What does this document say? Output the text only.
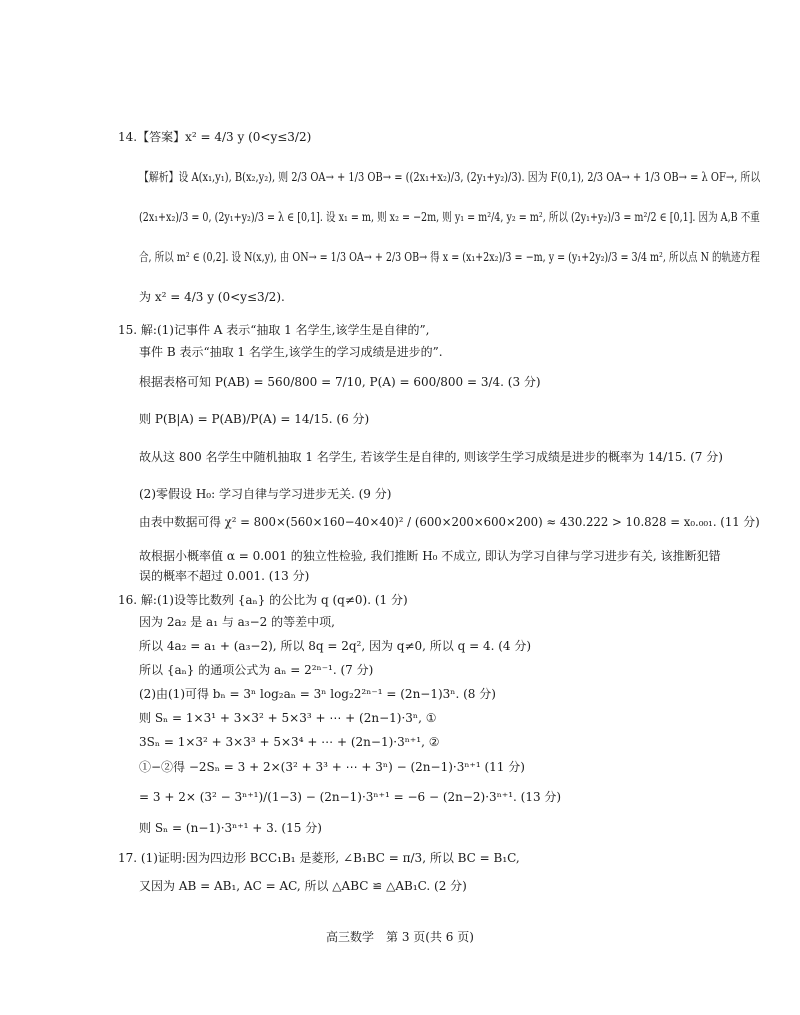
14.【答案】x² = 4/3 y (0<y≤3/2)
【解析】设 A(x₁,y₁), B(x₂,y₂), 则 2/3 OA→ + 1/3 OB→ = ((2x₁+x₂)/3, (2y₁+y₂)/3). 因为 F(0,1), 2/3 OA→ + 1/3 OB→ = λ OF→, 所以
(2x₁+x₂)/3 = 0, (2y₁+y₂)/3 = λ ∈ [0,1]. 设 x₁ = m, 则 x₂ = −2m, 则 y₁ = m²/4, y₂ = m², 所以 (2y₁+y₂)/3 = m²/2 ∈ [0,1]. 因为 A,B 不重
合, 所以 m² ∈ (0,2]. 设 N(x,y), 由 ON→ = 1/3 OA→ + 2/3 OB→ 得 x = (x₁+2x₂)/3 = −m, y = (y₁+2y₂)/3 = 3/4 m², 所以点 N 的轨迹方程
为 x² = 4/3 y (0<y≤3/2).
15. 解:(1)记事件 A 表示“抽取 1 名学生,该学生是自律的”,
事件 B 表示“抽取 1 名学生,该学生的学习成绩是进步的”.
根据表格可知 P(AB) = 560/800 = 7/10, P(A) = 600/800 = 3/4. (3 分)
则 P(B|A) = P(AB)/P(A) = 14/15. (6 分)
故从这 800 名学生中随机抽取 1 名学生, 若该学生是自律的, 则该学生学习成绩是进步的概率为 14/15. (7 分)
(2)零假设 H₀: 学习自律与学习进步无关. (9 分)
由表中数据可得 χ² = 800×(560×160−40×40)² / (600×200×600×200) ≈ 430.222 > 10.828 = x₀.₀₀₁. (11 分)
故根据小概率值 α = 0.001 的独立性检验, 我们推断 H₀ 不成立, 即认为学习自律与学习进步有关, 该推断犯错
误的概率不超过 0.001. (13 分)
16. 解:(1)设等比数列 {aₙ} 的公比为 q (q≠0). (1 分)
因为 2a₂ 是 a₁ 与 a₃−2 的等差中项,
所以 4a₂ = a₁ + (a₃−2), 所以 8q = 2q², 因为 q≠0, 所以 q = 4. (4 分)
所以 {aₙ} 的通项公式为 aₙ = 2²ⁿ⁻¹. (7 分)
(2)由(1)可得 bₙ = 3ⁿ log₂aₙ = 3ⁿ log₂2²ⁿ⁻¹ = (2n−1)3ⁿ. (8 分)
则 Sₙ = 1×3¹ + 3×3² + 5×3³ + ⋯ + (2n−1)·3ⁿ, ①
3Sₙ = 1×3² + 3×3³ + 5×3⁴ + ⋯ + (2n−1)·3ⁿ⁺¹, ②
①−②得 −2Sₙ = 3 + 2×(3² + 3³ + ⋯ + 3ⁿ) − (2n−1)·3ⁿ⁺¹ (11 分)
= 3 + 2× (3² − 3ⁿ⁺¹)/(1−3) − (2n−1)·3ⁿ⁺¹ = −6 − (2n−2)·3ⁿ⁺¹. (13 分)
则 Sₙ = (n−1)·3ⁿ⁺¹ + 3. (15 分)
17. (1)证明:因为四边形 BCC₁B₁ 是菱形, ∠B₁BC = π/3, 所以 BC = B₁C,
又因为 AB = AB₁, AC = AC, 所以 △ABC ≌ △AB₁C. (2 分)
高三数学　第 3 页(共 6 页)
